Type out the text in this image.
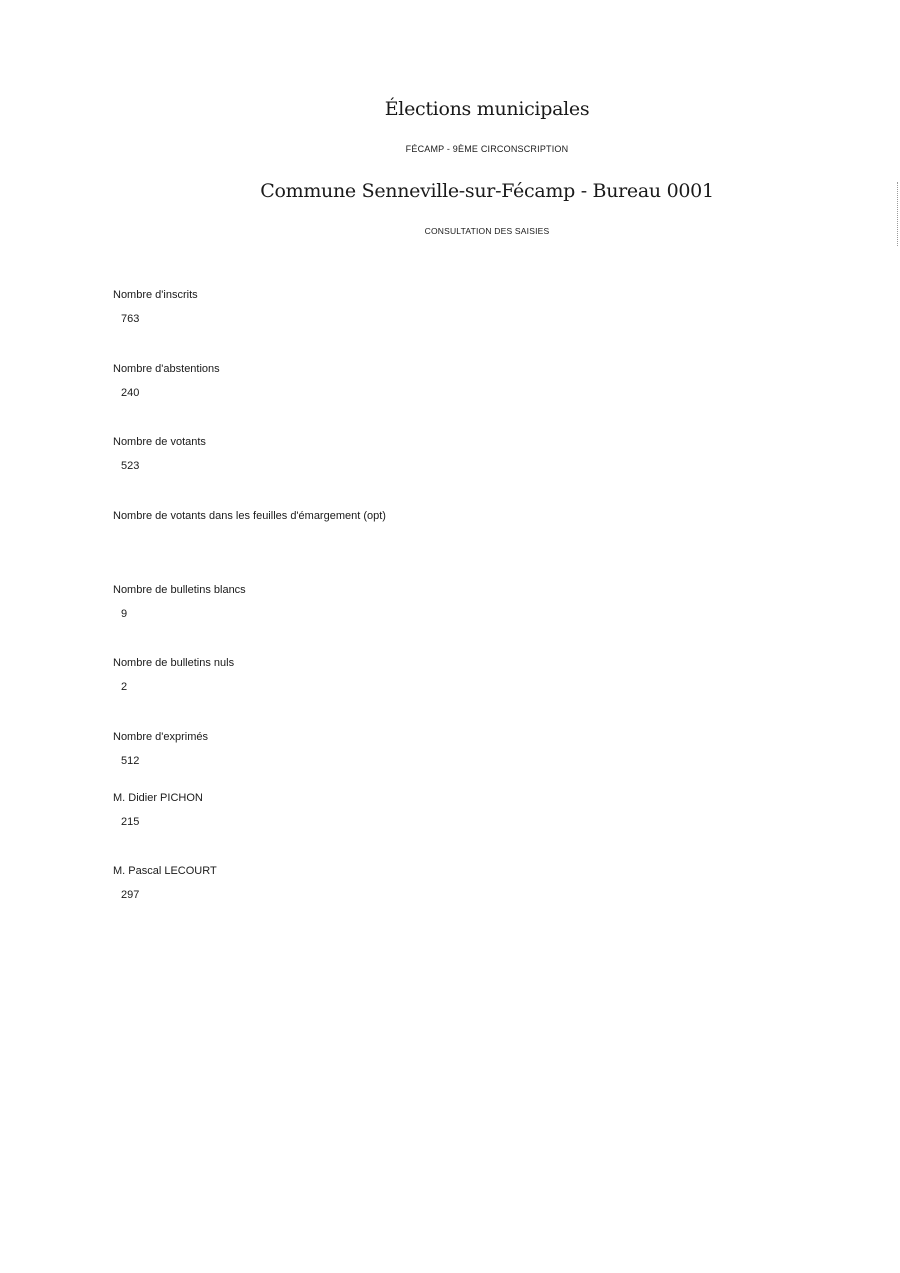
Élections municipales
FÉCAMP - 9ÈME CIRCONSCRIPTION
Commune Senneville-sur-Fécamp - Bureau 0001
CONSULTATION DES SAISIES
Nombre d'inscrits
763
Nombre d'abstentions
240
Nombre de votants
523
Nombre de votants dans les feuilles d'émargement (opt)
Nombre de bulletins blancs
9
Nombre de bulletins nuls
2
Nombre d'exprimés
512
M. Didier PICHON
215
M. Pascal LECOURT
297
